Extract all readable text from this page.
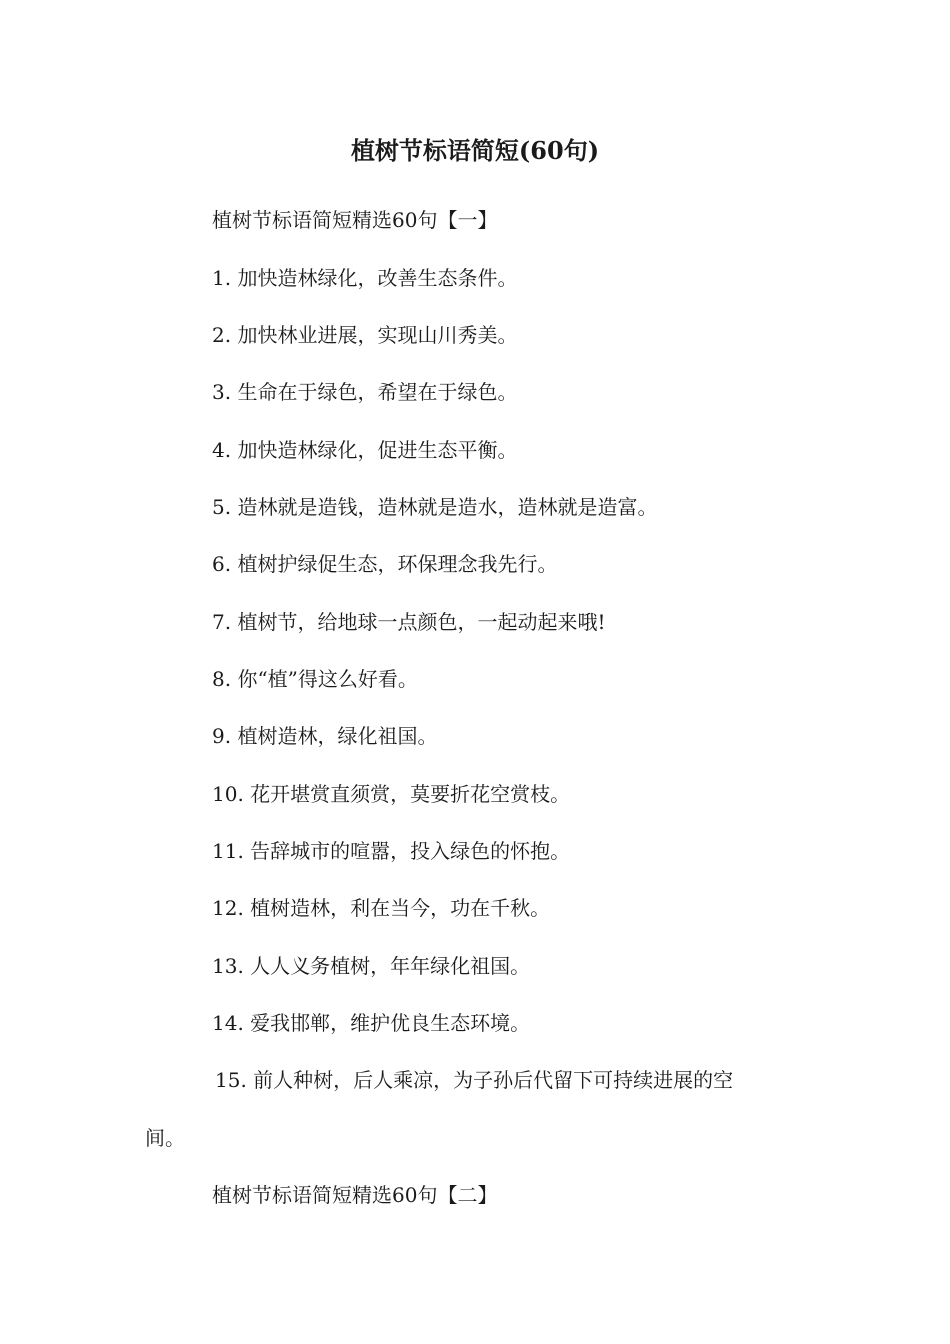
植树节标语简短(60句)
植树节标语简短精选60句【一】
1. 加快造林绿化，改善生态条件。
2. 加快林业进展，实现山川秀美。
3. 生命在于绿色，希望在于绿色。
4. 加快造林绿化，促进生态平衡。
5. 造林就是造钱，造林就是造水，造林就是造富。
6. 植树护绿促生态，环保理念我先行。
7. 植树节，给地球一点颜色，一起动起来哦!
8. 你“植”得这么好看。
9. 植树造林，绿化祖国。
10. 花开堪赏直须赏，莫要折花空赏枝。
11. 告辞城市的喧嚣，投入绿色的怀抱。
12. 植树造林，利在当今，功在千秋。
13. 人人义务植树，年年绿化祖国。
14. 爱我邯郸，维护优良生态环境。
15. 前人种树，后人乘凉，为子孙后代留下可持续进展的空
间。
植树节标语简短精选60句【二】
